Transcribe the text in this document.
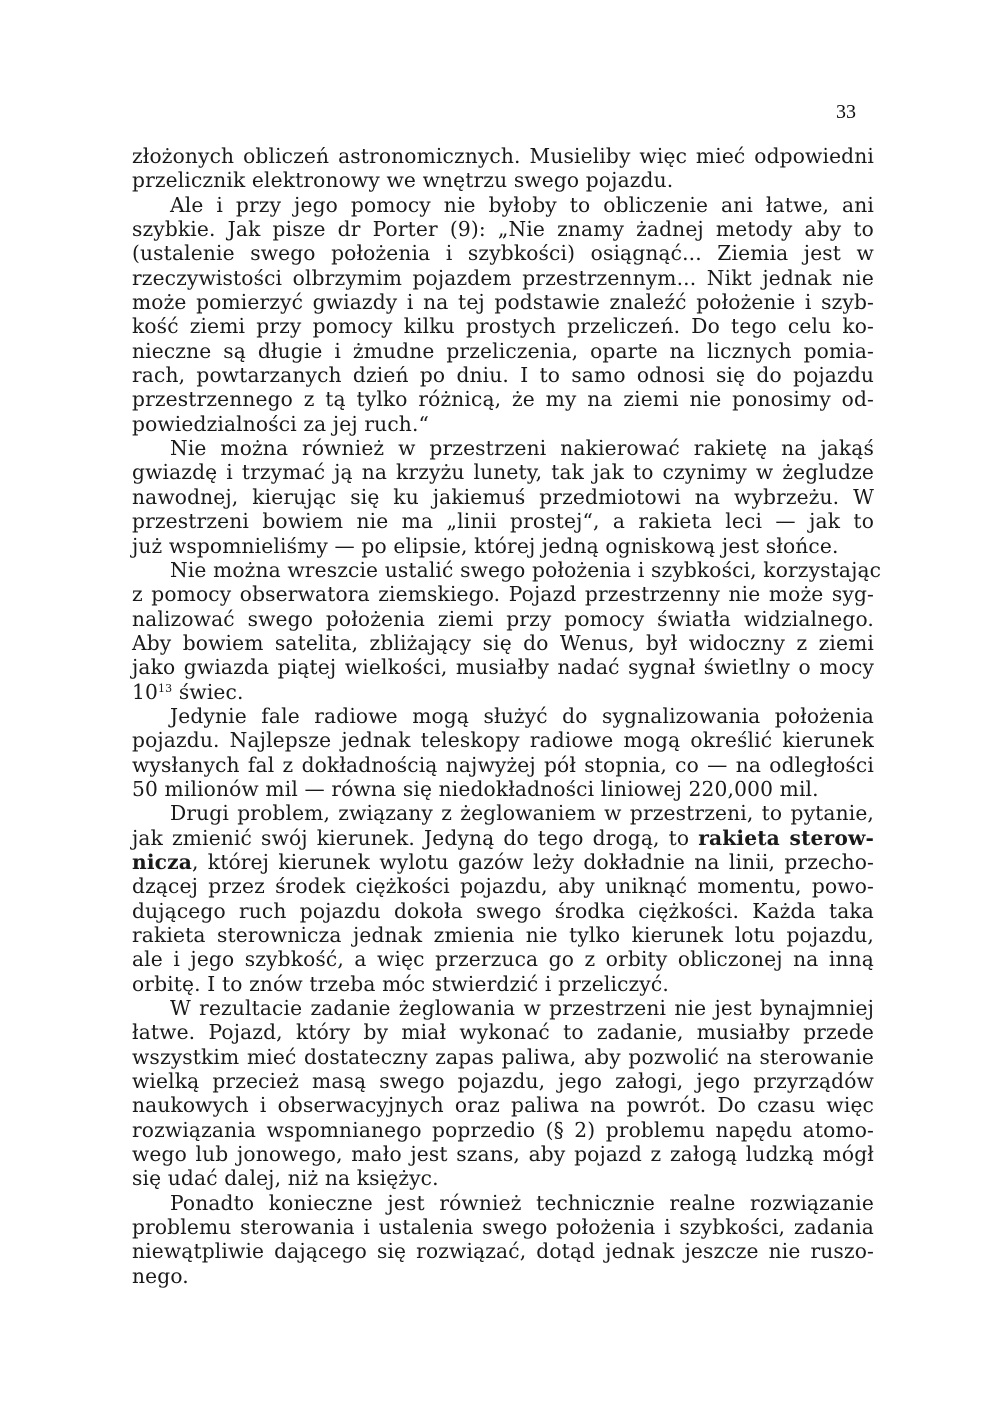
33
złożonych obliczeń astronomicznych. Musieliby więc mieć odpowiedni
przelicznik elektronowy we wnętrzu swego pojazdu.
Ale i przy jego pomocy nie byłoby to obliczenie ani łatwe, ani
szybkie. Jak pisze dr Porter (9): „Nie znamy żadnej metody aby to
(ustalenie swego położenia i szybkości) osiągnąć... Ziemia jest w
rzeczywistości olbrzymim pojazdem przestrzennym... Nikt jednak nie
może pomierzyć gwiazdy i na tej podstawie znaleźć położenie i szyb-
kość ziemi przy pomocy kilku prostych przeliczeń. Do tego celu ko-
nieczne są długie i żmudne przeliczenia, oparte na licznych pomia-
rach, powtarzanych dzień po dniu. I to samo odnosi się do pojazdu
przestrzennego z tą tylko różnicą, że my na ziemi nie ponosimy od-
powiedzialności za jej ruch.“
Nie można również w przestrzeni nakierować rakietę na jakąś
gwiazdę i trzymać ją na krzyżu lunety, tak jak to czynimy w żegludze
nawodnej, kierując się ku jakiemuś przedmiotowi na wybrzeżu. W
przestrzeni bowiem nie ma „linii prostej“, a rakieta leci — jak to
już wspomnieliśmy — po elipsie, której jedną ogniskową jest słońce.
Nie można wreszcie ustalić swego położenia i szybkości, korzystając
z pomocy obserwatora ziemskiego. Pojazd przestrzenny nie może syg-
nalizować swego położenia ziemi przy pomocy światła widzialnego.
Aby bowiem satelita, zbliżający się do Wenus, był widoczny z ziemi
jako gwiazda piątej wielkości, musiałby nadać sygnał świetlny o mocy
$10^{13}$ świec.
Jedynie fale radiowe mogą służyć do sygnalizowania położenia
pojazdu. Najlepsze jednak teleskopy radiowe mogą określić kierunek
wysłanych fal z dokładnością najwyżej pół stopnia, co — na odległości
50 milionów mil — równa się niedokładności liniowej 220,000 mil.
Drugi problem, związany z żeglowaniem w przestrzeni, to pytanie,
jak zmienić swój kierunek. Jedyną do tego drogą, to rakieta sterow-
nicza, której kierunek wylotu gazów leży dokładnie na linii, przecho-
dzącej przez środek ciężkości pojazdu, aby uniknąć momentu, powo-
dującego ruch pojazdu dokoła swego środka ciężkości. Każda taka
rakieta sterownicza jednak zmienia nie tylko kierunek lotu pojazdu,
ale i jego szybkość, a więc przerzuca go z orbity obliczonej na inną
orbitę. I to znów trzeba móc stwierdzić i przeliczyć.
W rezultacie zadanie żeglowania w przestrzeni nie jest bynajmniej
łatwe. Pojazd, który by miał wykonać to zadanie, musiałby przede
wszystkim mieć dostateczny zapas paliwa, aby pozwolić na sterowanie
wielką przecież masą swego pojazdu, jego załogi, jego przyrządów
naukowych i obserwacyjnych oraz paliwa na powrót. Do czasu więc
rozwiązania wspomnianego poprzedio (§ 2) problemu napędu atomo-
wego lub jonowego, mało jest szans, aby pojazd z załogą ludzką mógł
się udać dalej, niż na księżyc.
Ponadto konieczne jest również technicznie realne rozwiązanie
problemu sterowania i ustalenia swego położenia i szybkości, zadania
niewątpliwie dającego się rozwiązać, dotąd jednak jeszcze nie ruszo-
nego.
